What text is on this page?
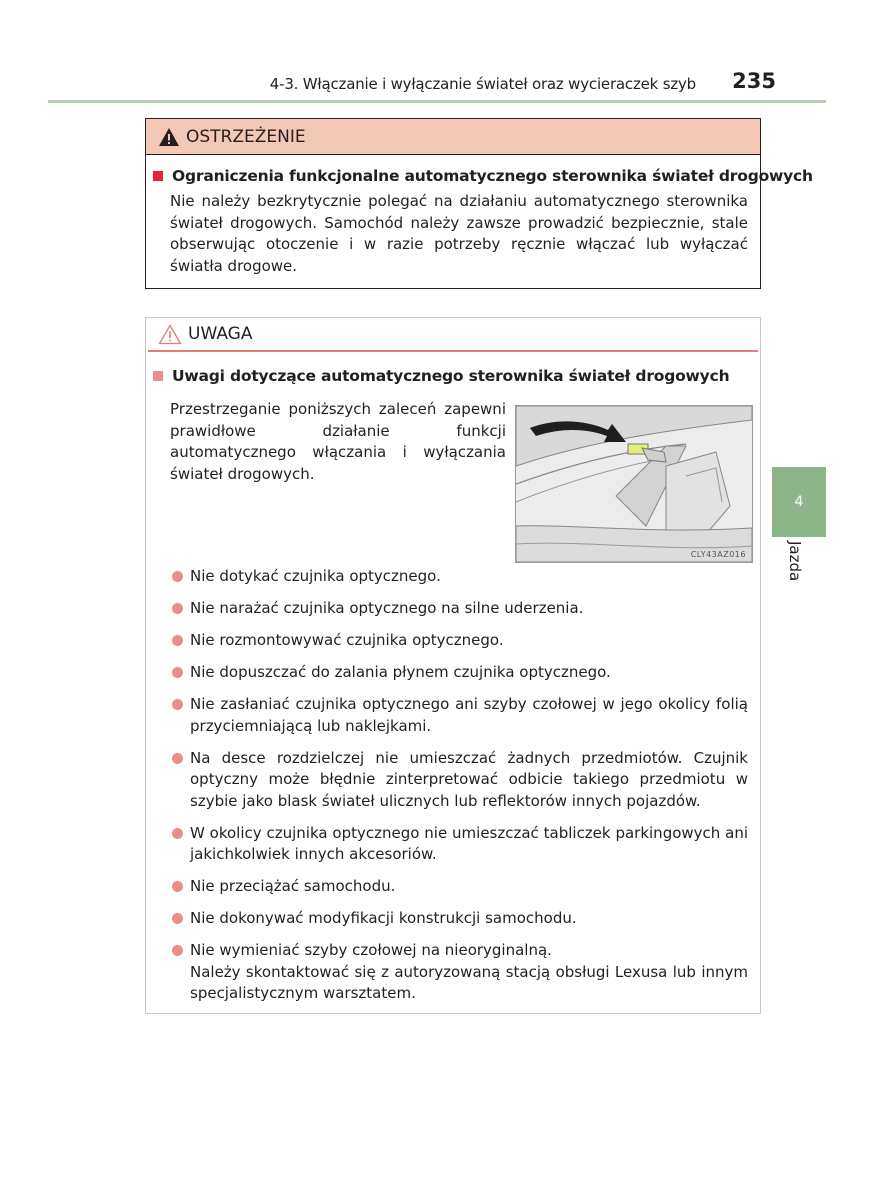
4-3. Włączanie i wyłączanie świateł oraz wycieraczek szyb 235
4
Jazda
OSTRZEŻENIE
Ograniczenia funkcjonalne automatycznego sterownika świateł drogowych
Nie należy bezkrytycznie polegać na działaniu automatycznego sterownika świateł drogowych. Samochód należy zawsze prowadzić bezpiecznie, stale obserwując otoczenie i w razie potrzeby ręcznie włączać lub wyłączać światła drogowe.
UWAGA
Uwagi dotyczące automatycznego sterownika świateł drogowych
Przestrzeganie poniższych zaleceń zapewni prawidłowe działanie funkcji automatycznego włączania i wyłączania świateł drogowych.
CLY43AZ016
Nie dotykać czujnika optycznego.
Nie narażać czujnika optycznego na silne uderzenia.
Nie rozmontowywać czujnika optycznego.
Nie dopuszczać do zalania płynem czujnika optycznego.
Nie zasłaniać czujnika optycznego ani szyby czołowej w jego okolicy folią przyciemniającą lub naklejkami.
Na desce rozdzielczej nie umieszczać żadnych przedmiotów. Czujnik optyczny może błędnie zinterpretować odbicie takiego przedmiotu w szybie jako blask świateł ulicznych lub reflektorów innych pojazdów.
W okolicy czujnika optycznego nie umieszczać tabliczek parkingowych ani jakichkolwiek innych akcesoriów.
Nie przeciążać samochodu.
Nie dokonywać modyfikacji konstrukcji samochodu.
Nie wymieniać szyby czołowej na nieoryginalną.
Należy skontaktować się z autoryzowaną stacją obsługi Lexusa lub innym specjalistycznym warsztatem.
